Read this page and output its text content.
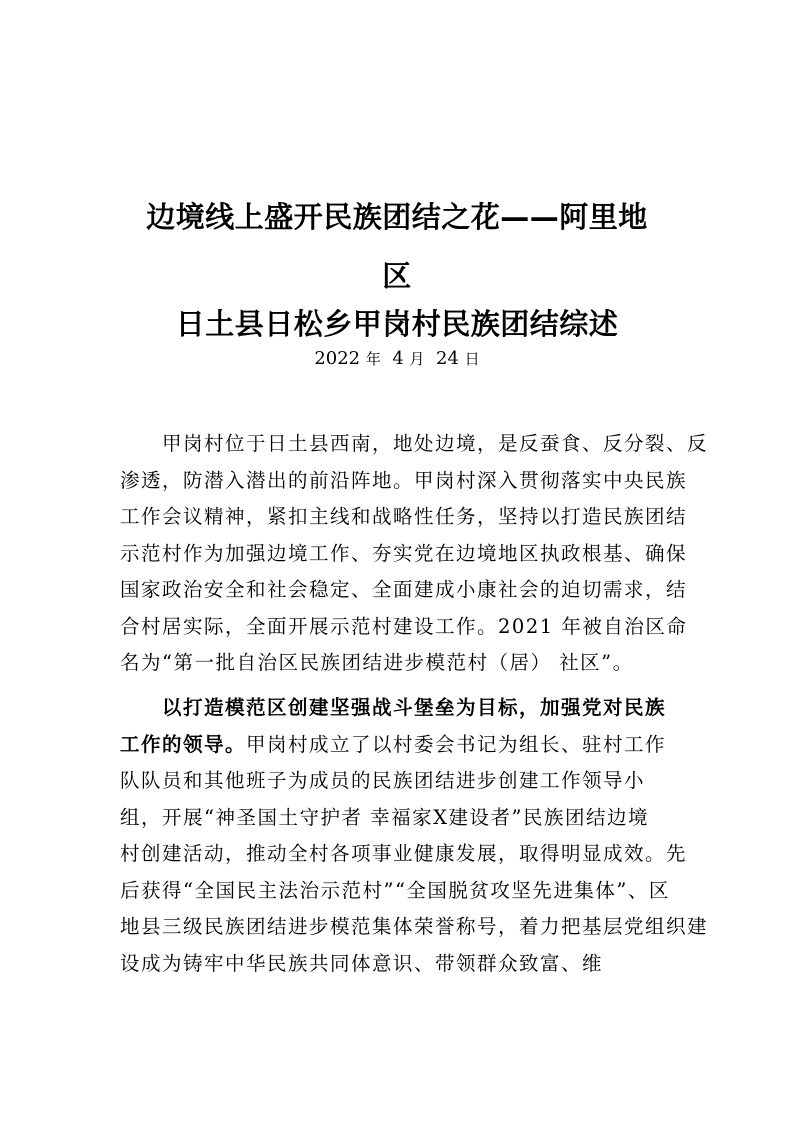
边境线上盛开民族团结之花——阿里地
区
日土县日松乡甲岗村民族团结综述
2022 年 4 月 24 日
甲岗村位于日土县西南，地处边境，是反蚕食、反分裂、反
渗透，防潜入潜出的前沿阵地。甲岗村深入贯彻落实中央民族
工作会议精神，紧扣主线和战略性任务，坚持以打造民族团结
示范村作为加强边境工作、夯实党在边境地区执政根基、确保
国家政治安全和社会稳定、全面建成小康社会的迫切需求，结
合村居实际，全面开展示范村建设工作。2021 年被自治区命
名为“第一批自治区民族团结进步模范村（居） 社区”。
以打造模范区创建坚强战斗堡垒为目标，加强党对民族
工作的领导。甲岗村成立了以村委会书记为组长、驻村工作
队队员和其他班子为成员的民族团结进步创建工作领导小
组，开展“神圣国土守护者 幸福家X建设者”民族团结边境
村创建活动，推动全村各项事业健康发展，取得明显成效。先
后获得“全国民主法治示范村”“全国脱贫攻坚先进集体”、区
地县三级民族团结进步模范集体荣誉称号，着力把基层党组织建
设成为铸牢中华民族共同体意识、带领群众致富、维
